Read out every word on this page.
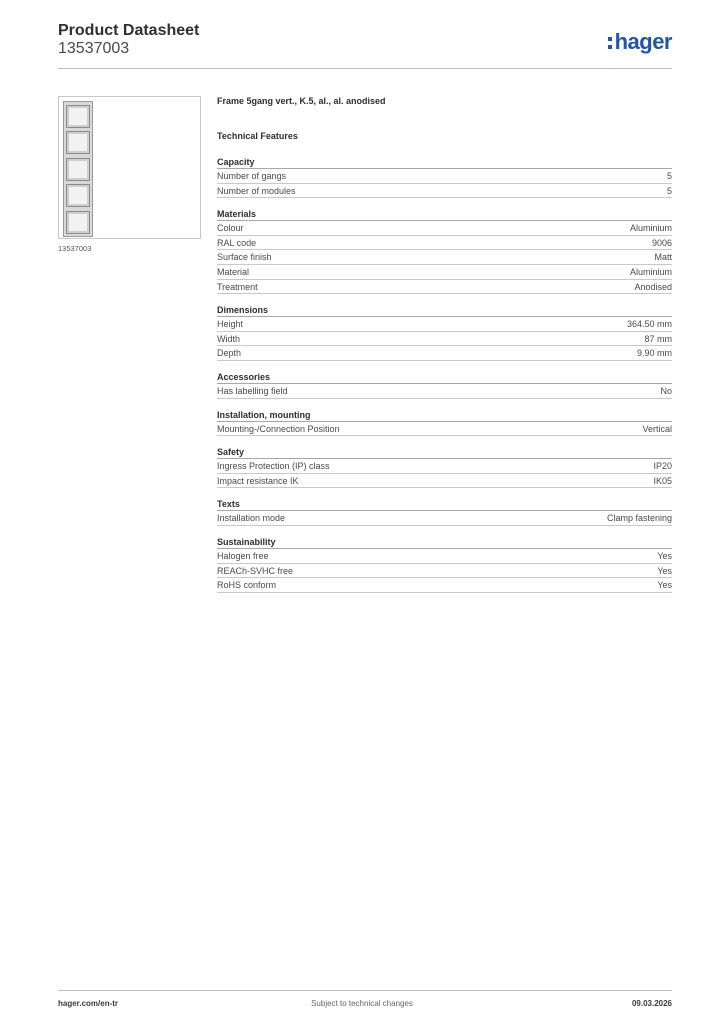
Product Datasheet
13537003	hager
13537003
Frame 5gang vert., K.5, al., al. anodised
Technical Features
Capacity
Number of gangs	5
Number of modules	5
Materials
Colour	Aluminium
RAL code	9006
Surface finish	Matt
Material	Aluminium
Treatment	Anodised
Dimensions
Height	364.50 mm
Width	87 mm
Depth	9.90 mm
Accessories
Has labelling field	No
Installation, mounting
Mounting-/Connection Position	Vertical
Safety
Ingress Protection (IP) class	IP20
Impact resistance IK	IK05
Texts
Installation mode	Clamp fastening
Sustainability
Halogen free	Yes
REACh-SVHC free	Yes
RoHS conform	Yes
hager.com/en-tr	Subject to technical changes	09.03.2026
